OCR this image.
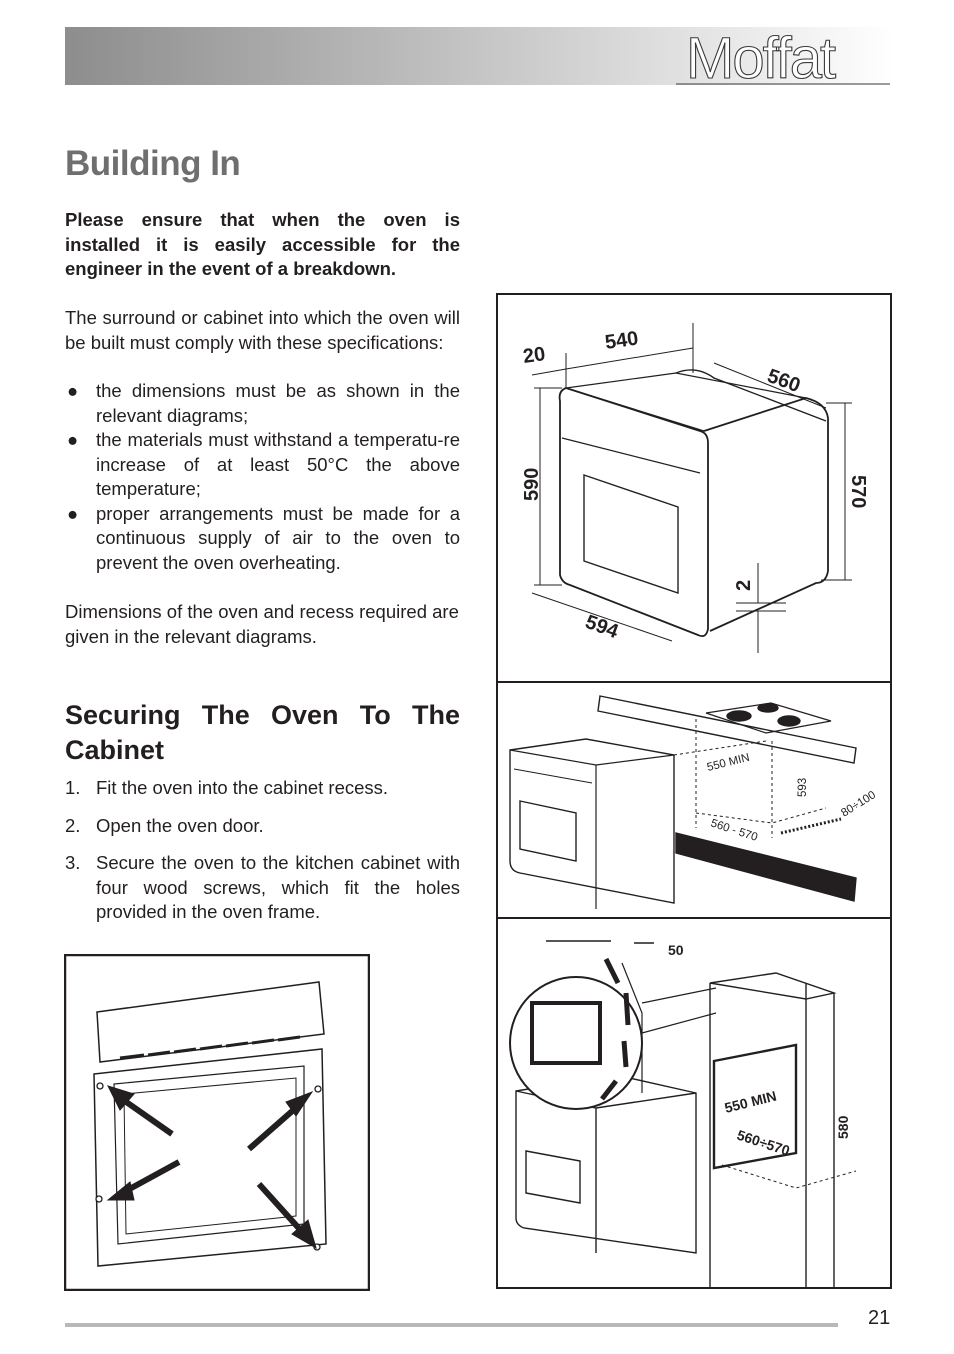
Moffat
Building In

Please ensure that when the oven is installed it is easily accessible for the engineer in the event of a breakdown.

The surround or cabinet into which the oven will be built must comply with these specifications:

● the dimensions must be as shown in the relevant diagrams;
● the materials must withstand a temperatu-re increase of at least 50°C the above temperature;
● proper arrangements must be made for a continuous supply of air to the oven to prevent the oven overheating.

Dimensions of the oven and recess required are given in the relevant diagrams.

Securing The Oven To The Cabinet
1. Fit the oven into the cabinet recess.
2. Open the oven door.
3. Secure the oven to the kitchen cabinet with four wood screws, which fit the holes provided in the oven frame.
20
540
560
590	570
2
594
550 MIN
593
80÷100
560 - 570
50
550 MIN
580
560÷570
21
